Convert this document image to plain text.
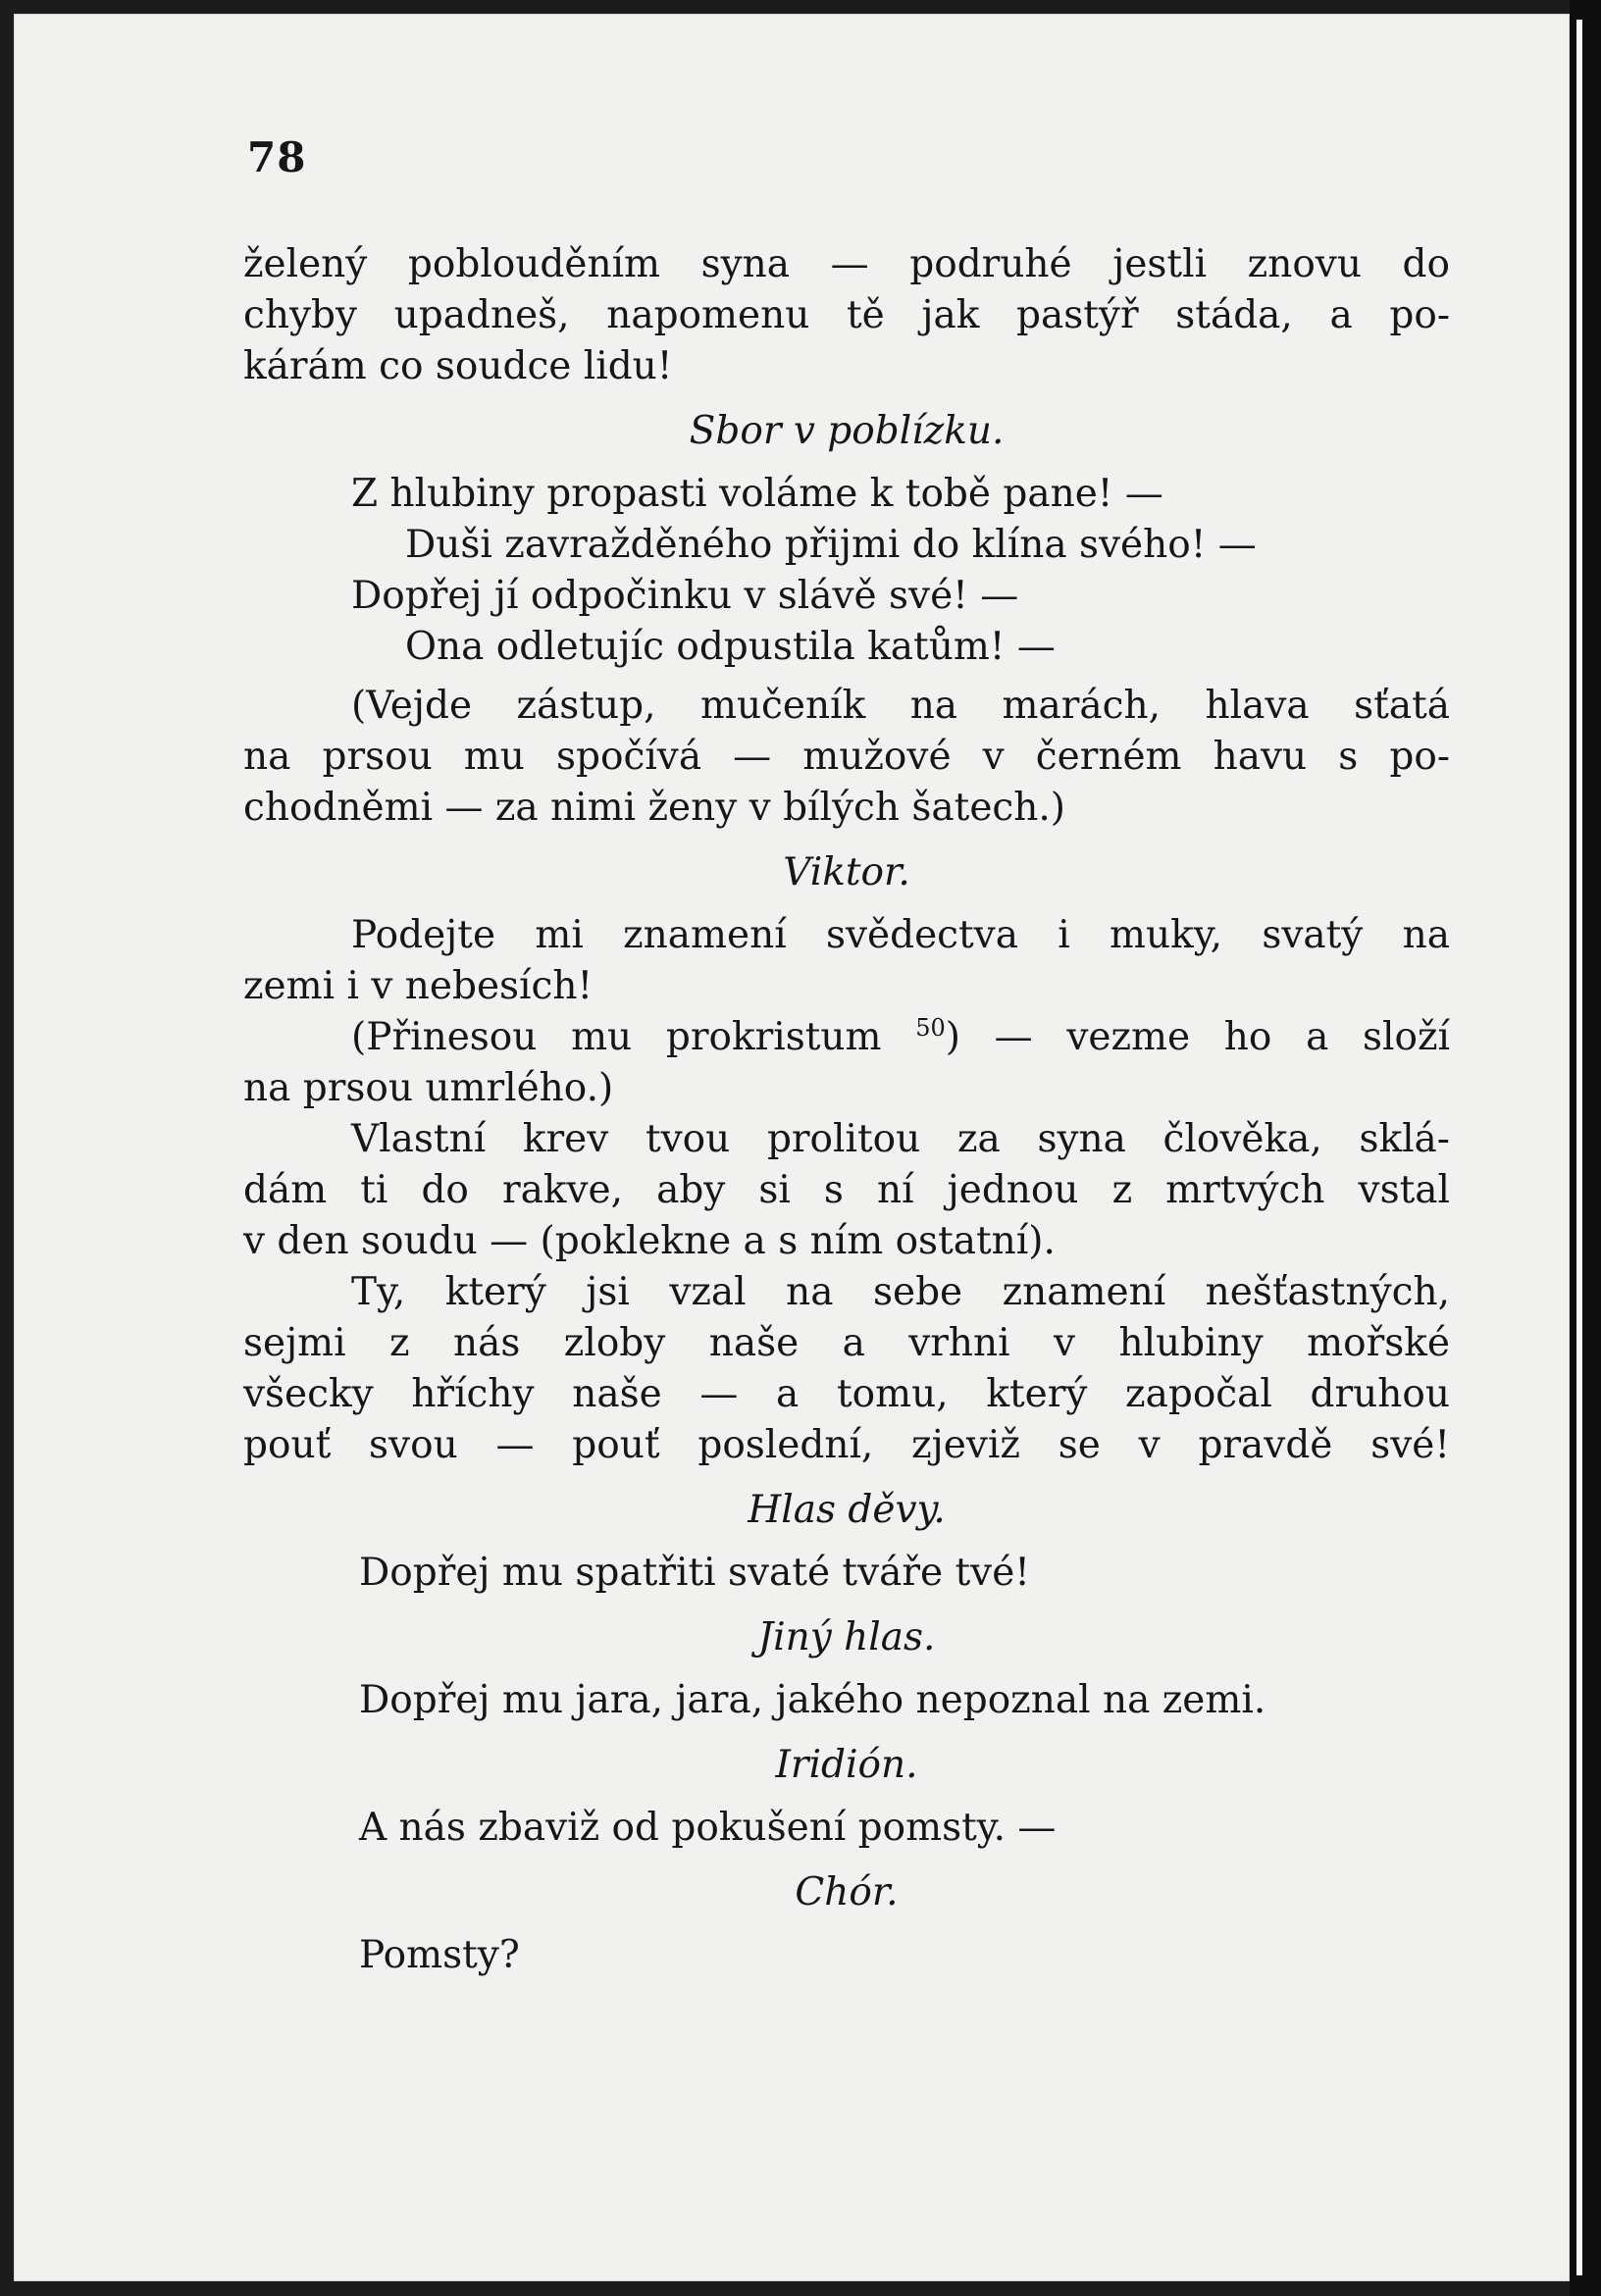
78

želený poblouděním syna — podruhé jestli znovu do
chyby upadneš, napomenu tě jak pastýř stáda, a po-
kárám co soudce lidu!

Sbor v poblízku.

Z hlubiny propasti voláme k tobě pane! —
Duši zavražděného přijmi do klína svého! —
Dopřej jí odpočinku v slávě své! —
Ona odletujíc odpustila katům! —

(Vejde zástup, mučeník na marách, hlava sťatá
na prsou mu spočívá — mužové v černém havu s po-
chodněmi — za nimi ženy v bílých šatech.)

Viktor.

Podejte mi znamení svědectva i muky, svatý na
zemi i v nebesích!

(Přinesou mu prokristum $^{50}$) — vezme ho a složí
na prsou umrlého.)

Vlastní krev tvou prolitou za syna člověka, sklá-
dám ti do rakve, aby si s ní jednou z mrtvých vstal
v den soudu — (poklekne a s ním ostatní).

Ty, který jsi vzal na sebe znamení nešťastných,
sejmi z nás zloby naše a vrhni v hlubiny mořské
všecky hříchy naše — a tomu, který započal druhou
pouť svou — pouť poslední, zjeviž se v pravdě své!

Hlas děvy.

Dopřej mu spatřiti svaté tváře tvé!

Jiný hlas.

Dopřej mu jara, jara, jakého nepoznal na zemi.

Iridión.

A nás zbaviž od pokušení pomsty. —

Chór.

Pomsty?
